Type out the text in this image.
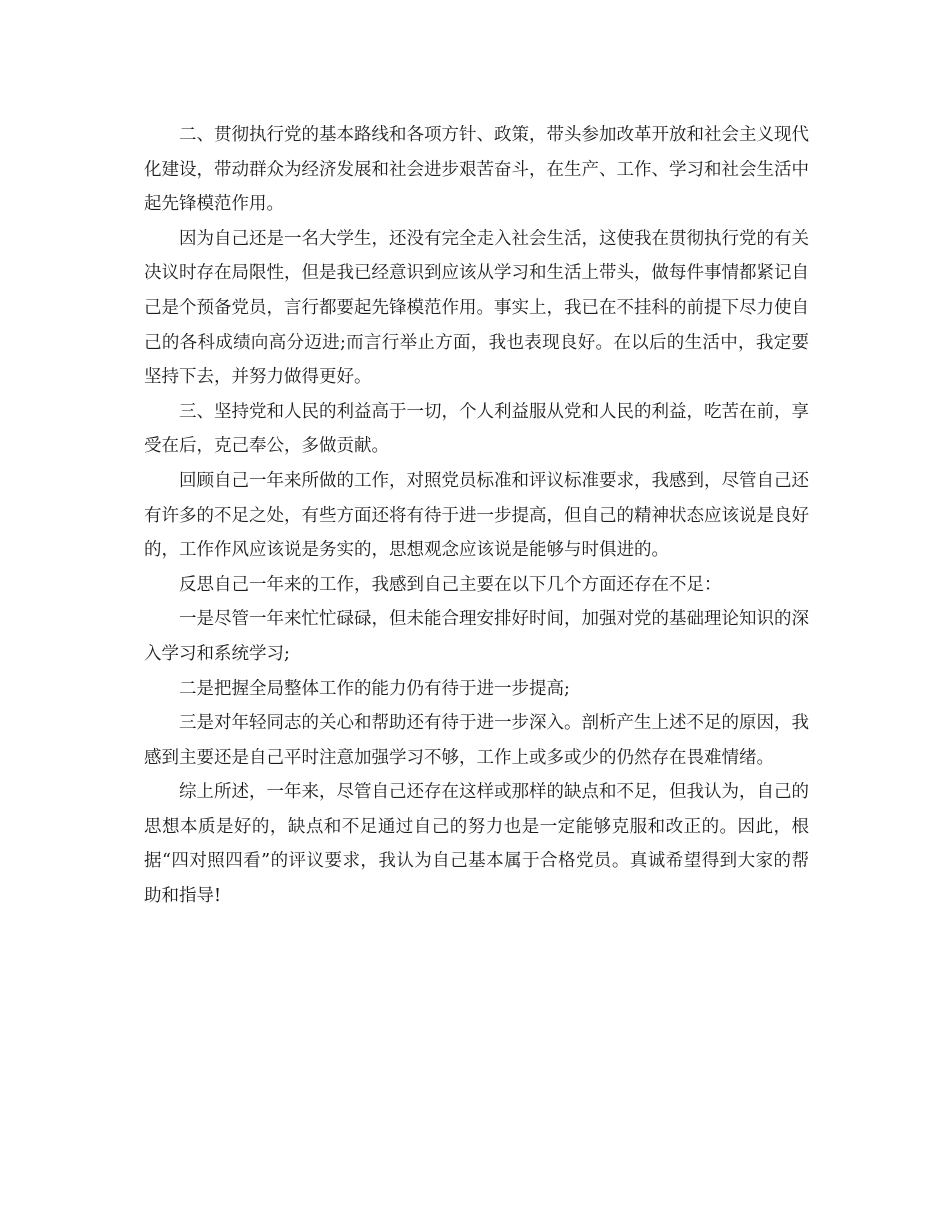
二、贯彻执行党的基本路线和各项方针、政策，带头参加改革开放和社会主义现代化建设，带动群众为经济发展和社会进步艰苦奋斗，在生产、工作、学习和社会生活中起先锋模范作用。

因为自己还是一名大学生，还没有完全走入社会生活，这使我在贯彻执行党的有关决议时存在局限性，但是我已经意识到应该从学习和生活上带头，做每件事情都紧记自己是个预备党员，言行都要起先锋模范作用。事实上，我已在不挂科的前提下尽力使自己的各科成绩向高分迈进;而言行举止方面，我也表现良好。在以后的生活中，我定要坚持下去，并努力做得更好。

三、坚持党和人民的利益高于一切，个人利益服从党和人民的利益，吃苦在前，享受在后，克己奉公，多做贡献。

回顾自己一年来所做的工作，对照党员标准和评议标准要求，我感到，尽管自己还有许多的不足之处，有些方面还将有待于进一步提高，但自己的精神状态应该说是良好的，工作作风应该说是务实的，思想观念应该说是能够与时俱进的。

反思自己一年来的工作，我感到自己主要在以下几个方面还存在不足：

一是尽管一年来忙忙碌碌，但未能合理安排好时间，加强对党的基础理论知识的深入学习和系统学习;

二是把握全局整体工作的能力仍有待于进一步提高;

三是对年轻同志的关心和帮助还有待于进一步深入。剖析产生上述不足的原因，我感到主要还是自己平时注意加强学习不够，工作上或多或少的仍然存在畏难情绪。

综上所述，一年来，尽管自己还存在这样或那样的缺点和不足，但我认为，自己的思想本质是好的，缺点和不足通过自己的努力也是一定能够克服和改正的。因此，根据“四对照四看”的评议要求，我认为自己基本属于合格党员。真诚希望得到大家的帮助和指导!
